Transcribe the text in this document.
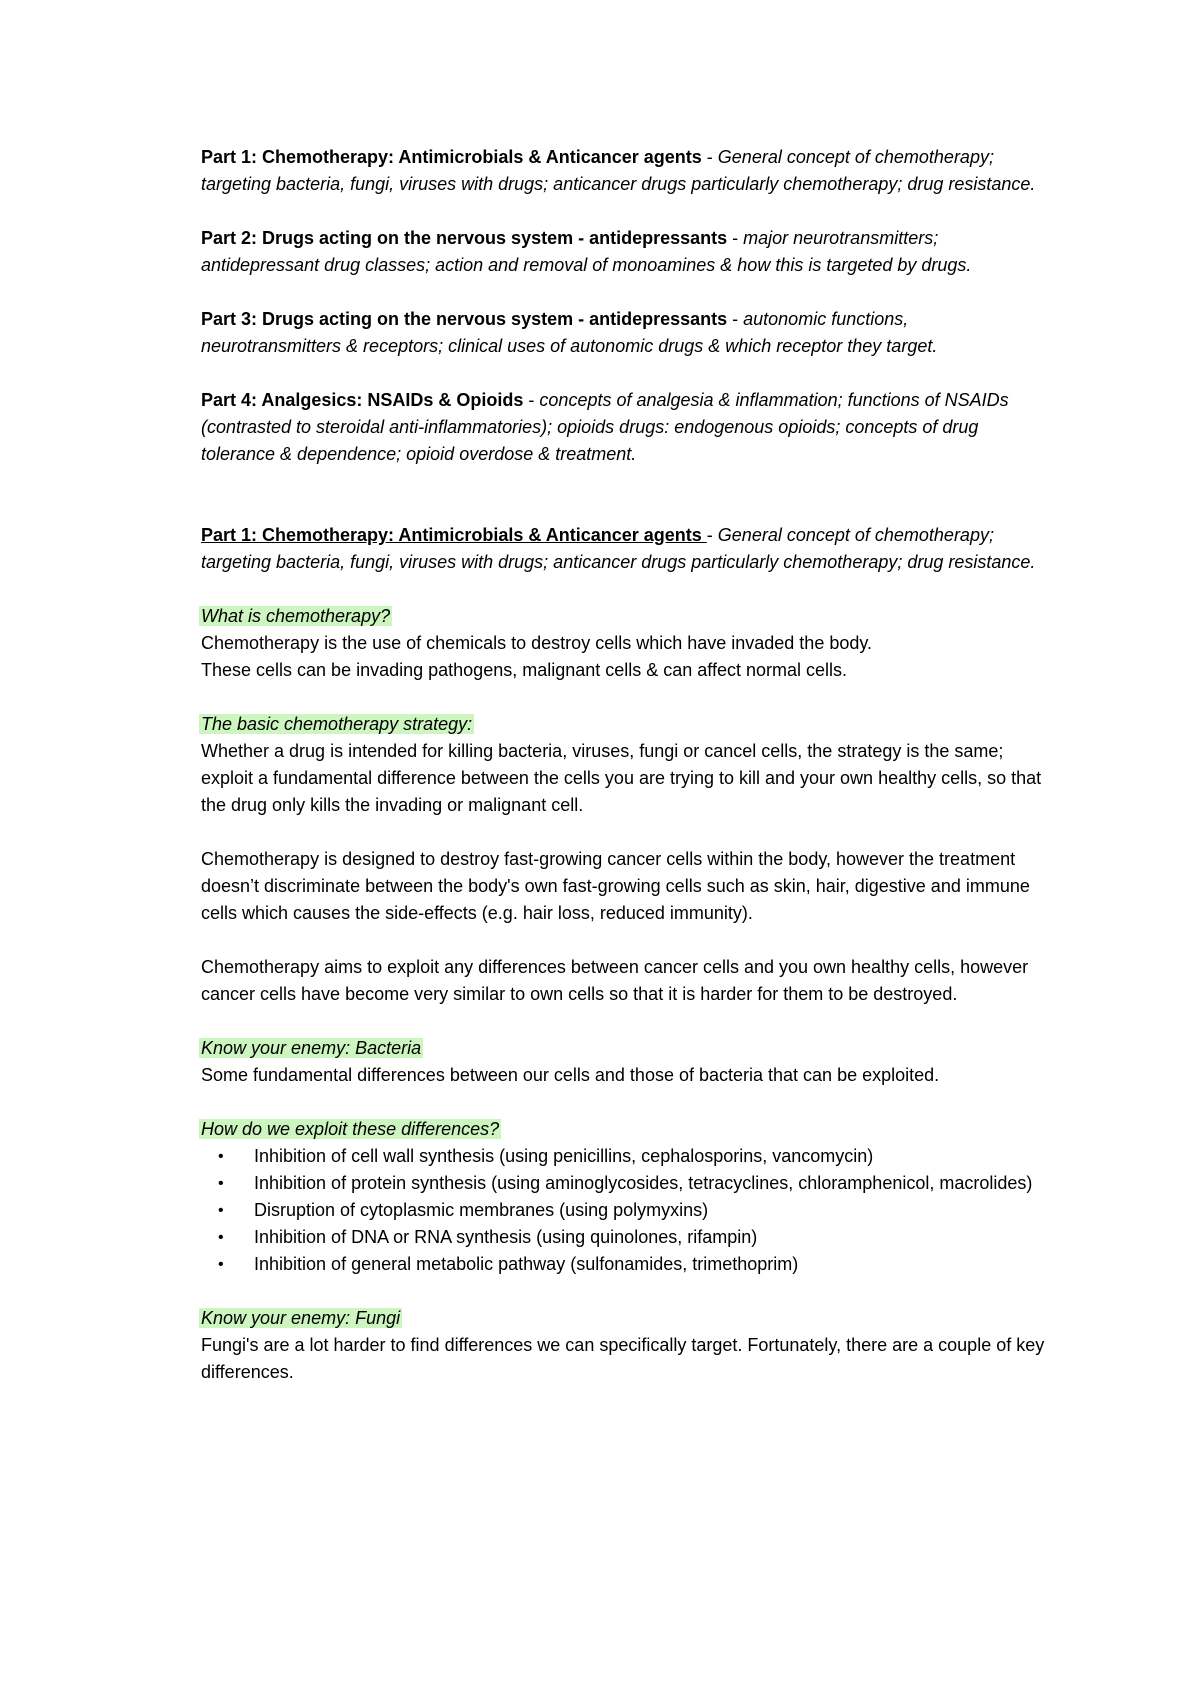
Part 1: Chemotherapy: Antimicrobials & Anticancer agents - General concept of chemotherapy; targeting bacteria, fungi, viruses with drugs; anticancer drugs particularly chemotherapy; drug resistance.

Part 2: Drugs acting on the nervous system - antidepressants - major neurotransmitters; antidepressant drug classes; action and removal of monoamines & how this is targeted by drugs.

Part 3: Drugs acting on the nervous system - antidepressants - autonomic functions, neurotransmitters & receptors; clinical uses of autonomic drugs & which receptor they target.

Part 4: Analgesics: NSAIDs & Opioids - concepts of analgesia & inflammation; functions of NSAIDs (contrasted to steroidal anti-inflammatories); opioids drugs: endogenous opioids; concepts of drug tolerance & dependence; opioid overdose & treatment.

Part 1: Chemotherapy: Antimicrobials & Anticancer agents - General concept of chemotherapy; targeting bacteria, fungi, viruses with drugs; anticancer drugs particularly chemotherapy; drug resistance.

What is chemotherapy?

Chemotherapy is the use of chemicals to destroy cells which have invaded the body.

These cells can be invading pathogens, malignant cells & can affect normal cells.

The basic chemotherapy strategy:

Whether a drug is intended for killing bacteria, viruses, fungi or cancel cells, the strategy is the same; exploit a fundamental difference between the cells you are trying to kill and your own healthy cells, so that the drug only kills the invading or malignant cell.

Chemotherapy is designed to destroy fast-growing cancer cells within the body, however the treatment doesn’t discriminate between the body's own fast-growing cells such as skin, hair, digestive and immune cells which causes the side-effects (e.g. hair loss, reduced immunity).

Chemotherapy aims to exploit any differences between cancer cells and you own healthy cells, however cancer cells have become very similar to own cells so that it is harder for them to be destroyed.

Know your enemy: Bacteria

Some fundamental differences between our cells and those of bacteria that can be exploited.

How do we exploit these differences?

• Inhibition of cell wall synthesis (using penicillins, cephalosporins, vancomycin)
• Inhibition of protein synthesis (using aminoglycosides, tetracyclines, chloramphenicol, macrolides)
• Disruption of cytoplasmic membranes (using polymyxins)
• Inhibition of DNA or RNA synthesis (using quinolones, rifampin)
• Inhibition of general metabolic pathway (sulfonamides, trimethoprim)

Know your enemy: Fungi

Fungi's are a lot harder to find differences we can specifically target. Fortunately, there are a couple of key differences.
